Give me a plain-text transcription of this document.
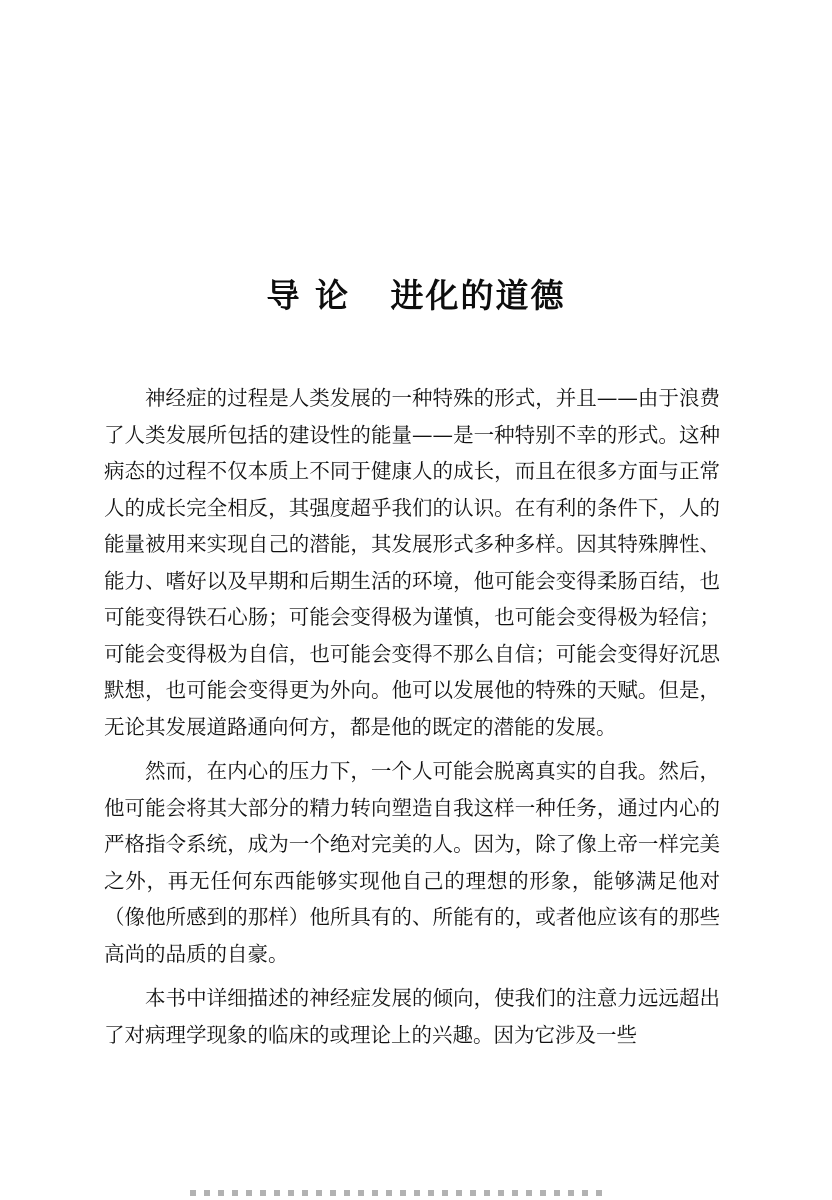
导 论   进化的道德

神经症的过程是人类发展的一种特殊的形式，并且——由于浪费了人类发展所包括的建设性的能量——是一种特别不幸的形式。这种病态的过程不仅本质上不同于健康人的成长，而且在很多方面与正常人的成长完全相反，其强度超乎我们的认识。在有利的条件下，人的能量被用来实现自己的潜能，其发展形式多种多样。因其特殊脾性、能力、嗜好以及早期和后期生活的环境，他可能会变得柔肠百结，也可能变得铁石心肠；可能会变得极为谨慎，也可能会变得极为轻信；可能会变得极为自信，也可能会变得不那么自信；可能会变得好沉思默想，也可能会变得更为外向。他可以发展他的特殊的天赋。但是，无论其发展道路通向何方，都是他的既定的潜能的发展。

然而，在内心的压力下，一个人可能会脱离真实的自我。然后，他可能会将其大部分的精力转向塑造自我这样一种任务，通过内心的严格指令系统，成为一个绝对完美的人。因为，除了像上帝一样完美之外，再无任何东西能够实现他自己的理想的形象，能够满足他对（像他所感到的那样）他所具有的、所能有的，或者他应该有的那些高尚的品质的自豪。

本书中详细描述的神经症发展的倾向，使我们的注意力远远超出了对病理学现象的临床的或理论上的兴趣。因为它涉及一些
